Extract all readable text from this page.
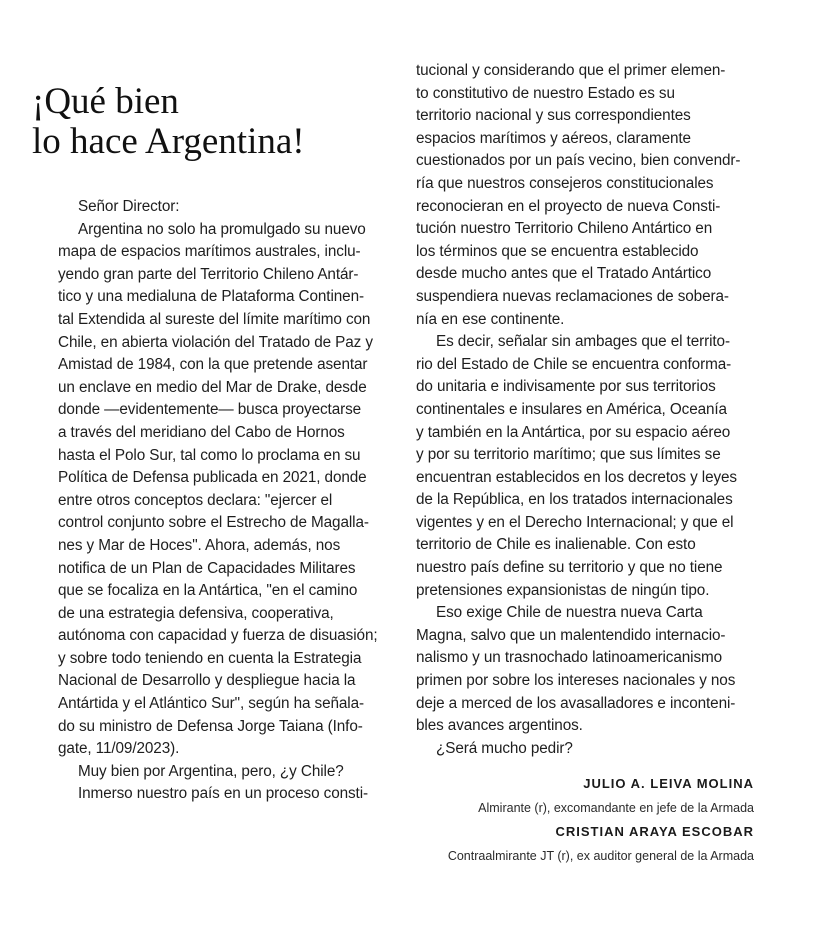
¡Qué bien
lo hace Argentina!
Señor Director:
Argentina no solo ha promulgado su nuevo
mapa de espacios marítimos australes, inclu-
yendo gran parte del Territorio Chileno Antár-
tico y una medialuna de Plataforma Continen-
tal Extendida al sureste del límite marítimo con
Chile, en abierta violación del Tratado de Paz y
Amistad de 1984, con la que pretende asentar
un enclave en medio del Mar de Drake, desde
donde —evidentemente— busca proyectarse
a través del meridiano del Cabo de Hornos
hasta el Polo Sur, tal como lo proclama en su
Política de Defensa publicada en 2021, donde
entre otros conceptos declara: "ejercer el
control conjunto sobre el Estrecho de Magalla-
nes y Mar de Hoces". Ahora, además, nos
notifica de un Plan de Capacidades Militares
que se focaliza en la Antártica, "en el camino
de una estrategia defensiva, cooperativa,
autónoma con capacidad y fuerza de disuasión;
y sobre todo teniendo en cuenta la Estrategia
Nacional de Desarrollo y despliegue hacia la
Antártida y el Atlántico Sur", según ha señala-
do su ministro de Defensa Jorge Taiana (Info-
gate, 11/09/2023).
Muy bien por Argentina, pero, ¿y Chile?
Inmerso nuestro país en un proceso consti-
tucional y considerando que el primer elemen-
to constitutivo de nuestro Estado es su
territorio nacional y sus correspondientes
espacios marítimos y aéreos, claramente
cuestionados por un país vecino, bien convendr-
ría que nuestros consejeros constitucionales
reconocieran en el proyecto de nueva Consti-
tución nuestro Territorio Chileno Antártico en
los términos que se encuentra establecido
desde mucho antes que el Tratado Antártico
suspendiera nuevas reclamaciones de sobera-
nía en ese continente.
Es decir, señalar sin ambages que el territo-
rio del Estado de Chile se encuentra conforma-
do unitaria e indivisamente por sus territorios
continentales e insulares en América, Oceanía
y también en la Antártica, por su espacio aéreo
y por su territorio marítimo; que sus límites se
encuentran establecidos en los decretos y leyes
de la República, en los tratados internacionales
vigentes y en el Derecho Internacional; y que el
territorio de Chile es inalienable. Con esto
nuestro país define su territorio y que no tiene
pretensiones expansionistas de ningún tipo.
Eso exige Chile de nuestra nueva Carta
Magna, salvo que un malentendido internacio-
nalismo y un trasnochado latinoamericanismo
primen por sobre los intereses nacionales y nos
deje a merced de los avasalladores e inconteni-
bles avances argentinos.
¿Será mucho pedir?
JULIO A. LEIVA MOLINA
Almirante (r), excomandante en jefe de la Armada
CRISTIAN ARAYA ESCOBAR
Contraalmirante JT (r), ex auditor general de la Armada
